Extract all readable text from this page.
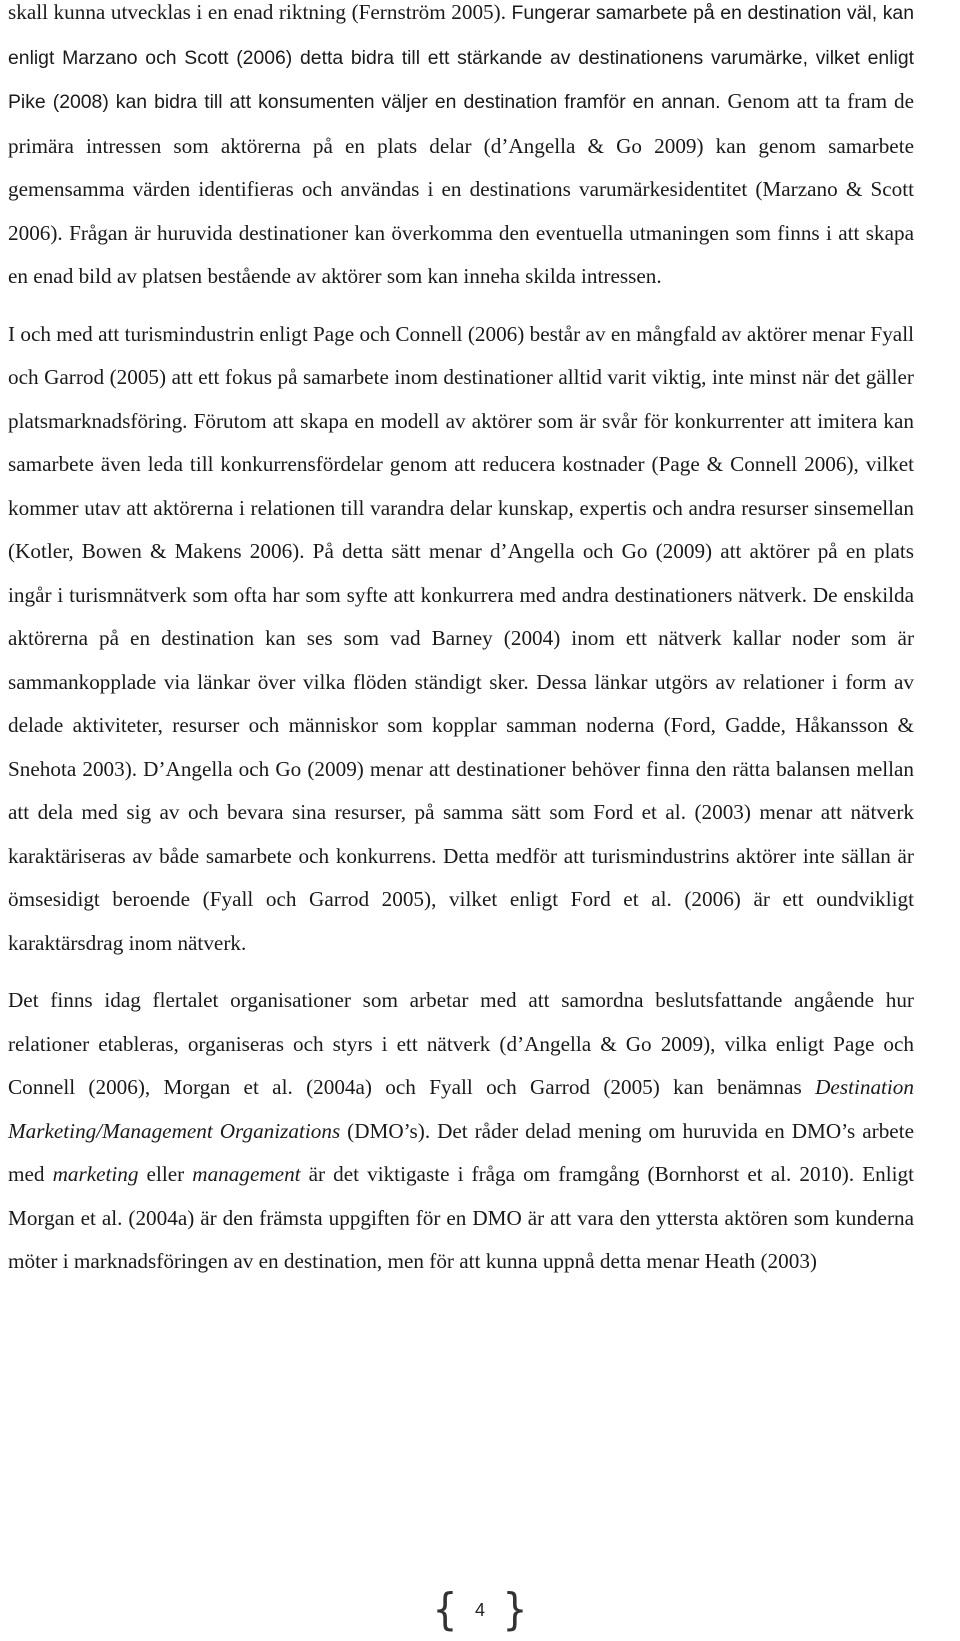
skall kunna utvecklas i en enad riktning (Fernström 2005). Fungerar samarbete på en destination väl, kan enligt Marzano och Scott (2006) detta bidra till ett stärkande av destinationens varumärke, vilket enligt Pike (2008) kan bidra till att konsumenten väljer en destination framför en annan. Genom att ta fram de primära intressen som aktörerna på en plats delar (d’Angella & Go 2009) kan genom samarbete gemensamma värden identifieras och användas i en destinations varumärkesidentitet (Marzano & Scott 2006). Frågan är huruvida destinationer kan överkomma den eventuella utmaningen som finns i att skapa en enad bild av platsen bestående av aktörer som kan inneha skilda intressen.

I och med att turismindustrin enligt Page och Connell (2006) består av en mångfald av aktörer menar Fyall och Garrod (2005) att ett fokus på samarbete inom destinationer alltid varit viktig, inte minst när det gäller platsmarknadsföring. Förutom att skapa en modell av aktörer som är svår för konkurrenter att imitera kan samarbete även leda till konkurrensfördelar genom att reducera kostnader (Page & Connell 2006), vilket kommer utav att aktörerna i relationen till varandra delar kunskap, expertis och andra resurser sinsemellan (Kotler, Bowen & Makens 2006). På detta sätt menar d’Angella och Go (2009) att aktörer på en plats ingår i turismnätverk som ofta har som syfte att konkurrera med andra destinationers nätverk. De enskilda aktörerna på en destination kan ses som vad Barney (2004) inom ett nätverk kallar noder som är sammankopplade via länkar över vilka flöden ständigt sker. Dessa länkar utgörs av relationer i form av delade aktiviteter, resurser och människor som kopplar samman noderna (Ford, Gadde, Håkansson & Snehota 2003). D’Angella och Go (2009) menar att destinationer behöver finna den rätta balansen mellan att dela med sig av och bevara sina resurser, på samma sätt som Ford et al. (2003) menar att nätverk karaktäriseras av både samarbete och konkurrens. Detta medför att turismindustrins aktörer inte sällan är ömsesidigt beroende (Fyall och Garrod 2005), vilket enligt Ford et al. (2006) är ett oundvikligt karaktärsdrag inom nätverk.

Det finns idag flertalet organisationer som arbetar med att samordna beslutsfattande angående hur relationer etableras, organiseras och styrs i ett nätverk (d’Angella & Go 2009), vilka enligt Page och Connell (2006), Morgan et al. (2004a) och Fyall och Garrod (2005) kan benämnas Destination Marketing/Management Organizations (DMO’s). Det råder delad mening om huruvida en DMO’s arbete med marketing eller management är det viktigaste i fråga om framgång (Bornhorst et al. 2010). Enligt Morgan et al. (2004a) är den främsta uppgiften för en DMO är att vara den yttersta aktören som kunderna möter i marknadsföringen av en destination, men för att kunna uppnå detta menar Heath (2003)

{ 4 }
